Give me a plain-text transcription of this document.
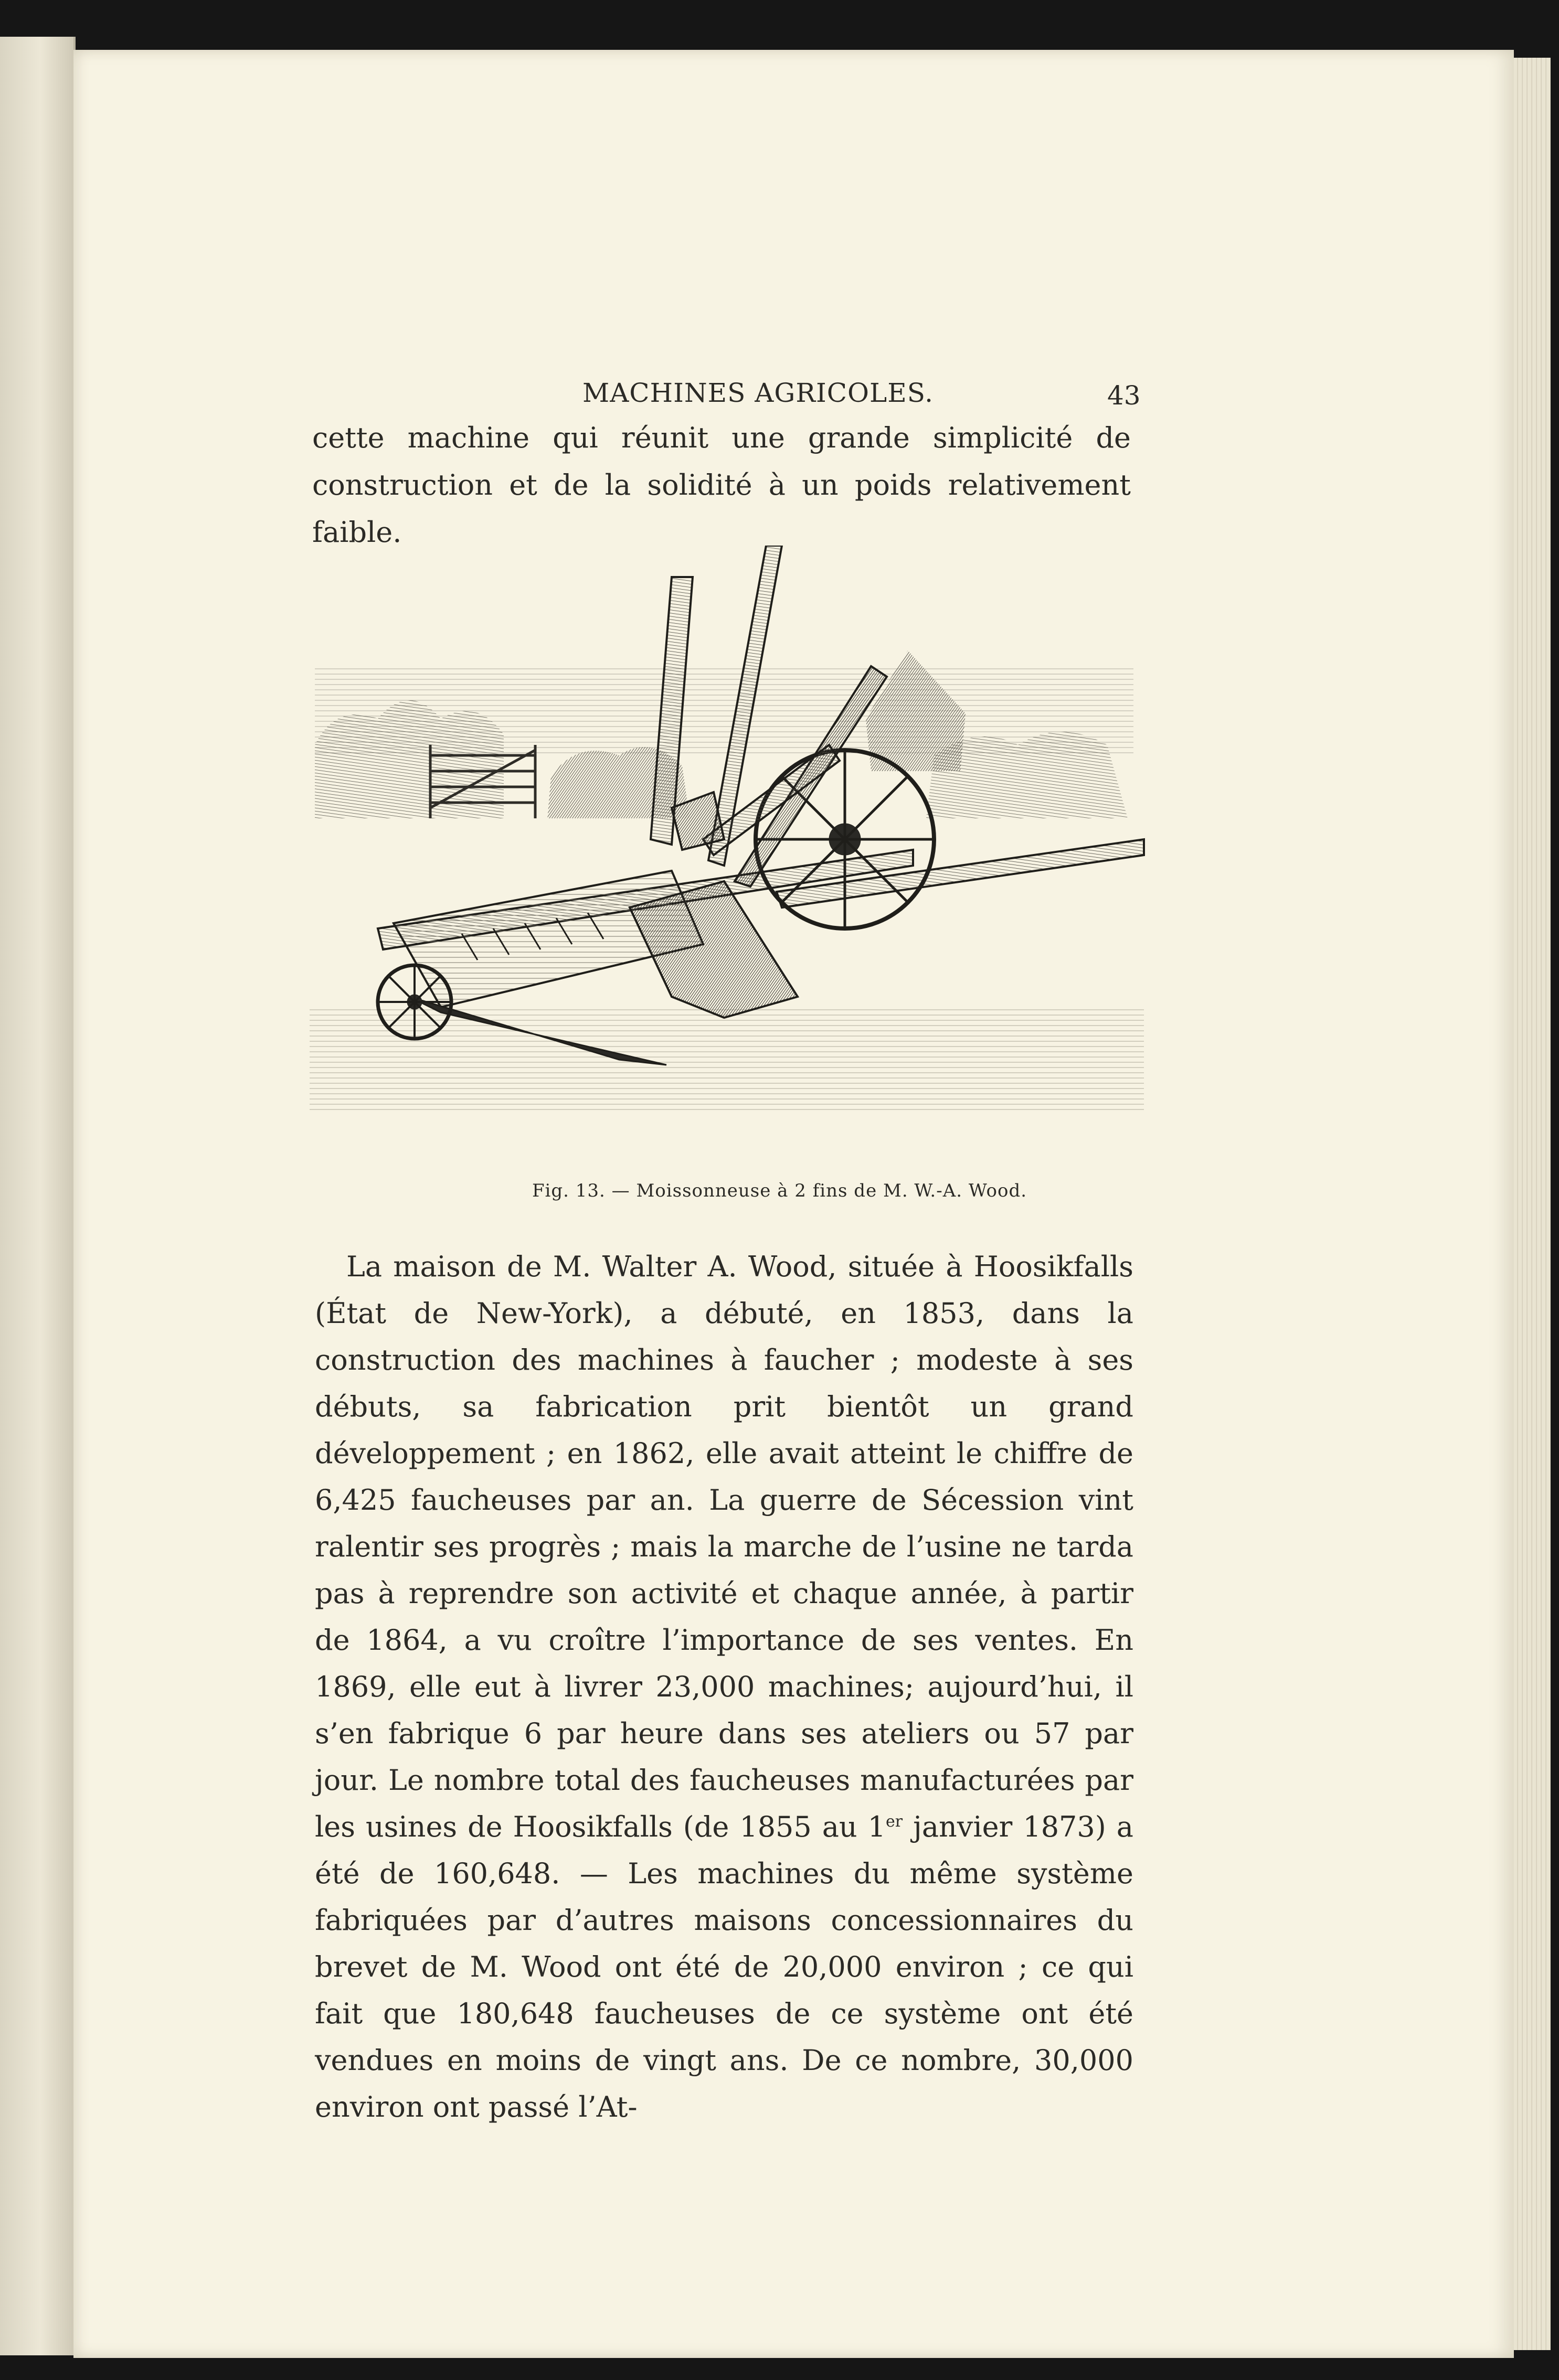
MACHINES AGRICOLES.	43
cette machine qui réunit une grande simplicité de construction et de la solidité à un poids relativement faible.
Fig. 13. — Moissonneuse à 2 fins de M. W.-A. Wood.

La maison de M. Walter A. Wood, située à Hoosikfalls (État de New-York), a débuté, en 1853, dans la construction des machines à faucher ; modeste à ses débuts, sa fabrication prit bientôt un grand développement ; en 1862, elle avait atteint le chiffre de 6,425 faucheuses par an. La guerre de Sécession vint ralentir ses progrès ; mais la marche de l’usine ne tarda pas à reprendre son activité et chaque année, à partir de 1864, a vu croître l’importance de ses ventes. En 1869, elle eut à livrer 23,000 machines; aujourd’hui, il s’en fabrique 6 par heure dans ses ateliers ou 57 par jour. Le nombre total des faucheuses manufacturées par les usines de Hoosikfalls (de 1855 au 1er janvier 1873) a été de 160,648. — Les machines du même système fabriquées par d’autres maisons concessionnaires du brevet de M. Wood ont été de 20,000 environ ; ce qui fait que 180,648 faucheuses de ce système ont été vendues en moins de vingt ans. De ce nombre, 30,000 environ ont passé l’At-
